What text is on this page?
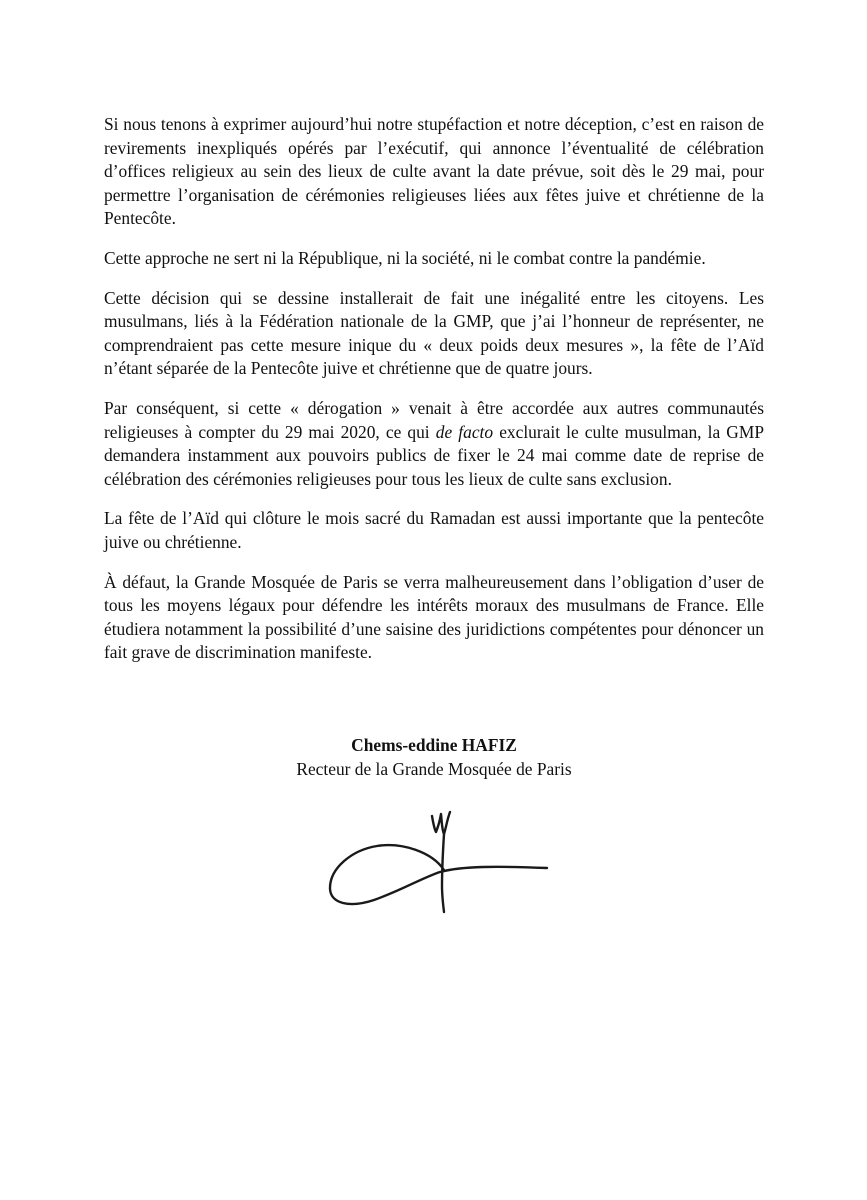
Si nous tenons à exprimer aujourd’hui notre stupéfaction et notre déception, c’est en raison de revirements inexpliqués opérés par l’exécutif, qui annonce l’éventualité de célébration d’offices religieux au sein des lieux de culte avant la date prévue, soit dès le 29 mai, pour permettre l’organisation de cérémonies religieuses liées aux fêtes juive et chrétienne de la Pentecôte.

Cette approche ne sert ni la République, ni la société, ni le combat contre la pandémie.

Cette décision qui se dessine installerait de fait une inégalité entre les citoyens. Les musulmans, liés à la Fédération nationale de la GMP, que j’ai l’honneur de représenter, ne comprendraient pas cette mesure inique du « deux poids deux mesures », la fête de l’Aïd n’étant séparée de la Pentecôte juive et chrétienne que de quatre jours.

Par conséquent, si cette « dérogation » venait à être accordée aux autres communautés religieuses à compter du 29 mai 2020, ce qui de facto exclurait le culte musulman, la GMP demandera instamment aux pouvoirs publics de fixer le 24 mai comme date de reprise de célébration des cérémonies religieuses pour tous les lieux de culte sans exclusion.

La fête de l’Aïd qui clôture le mois sacré du Ramadan est aussi importante que la pentecôte juive ou chrétienne.

À défaut, la Grande Mosquée de Paris se verra malheureusement dans l’obligation d’user de tous les moyens légaux pour défendre les intérêts moraux des musulmans de France. Elle étudiera notamment la possibilité d’une saisine des juridictions compétentes pour dénoncer un fait grave de discrimination manifeste.

Chems-eddine HAFIZ

Recteur de la Grande Mosquée de Paris
